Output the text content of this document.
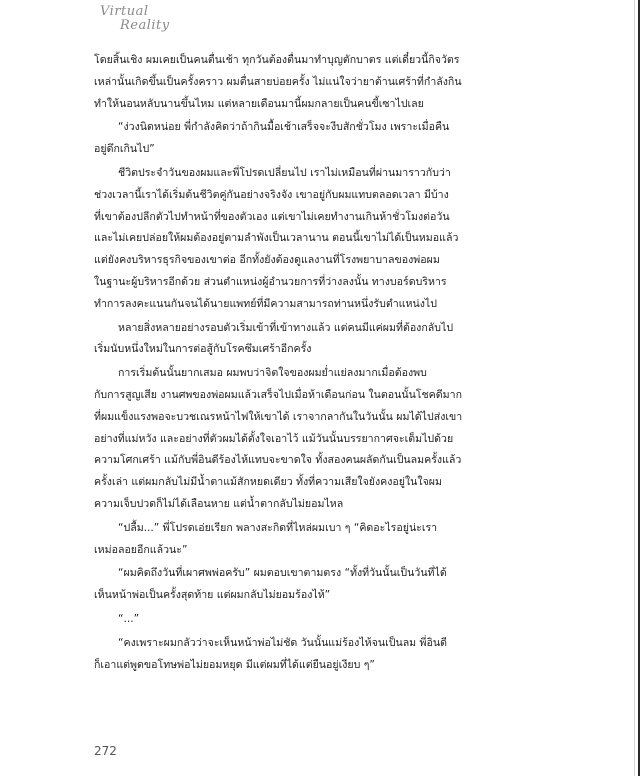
Virtual
Reality

โดยสิ้นเชิง ผมเคยเป็นคนตื่นเช้า ทุกวันต้องตื่นมาทำบุญตักบาตร แต่เดี๋ยวนี้กิจวัตร
เหล่านั้นเกิดขึ้นเป็นครั้งคราว ผมตื่นสายบ่อยครั้ง ไม่แน่ใจว่ายาต้านเศร้าที่กำลังกิน
ทำให้นอนหลับนานขึ้นไหม แต่หลายเดือนมานี้ผมกลายเป็นคนขี้เซาไปเลย

“ง่วงนิดหน่อย พี่กำลังคิดว่าถ้ากินมื้อเช้าเสร็จจะงีบสักชั่วโมง เพราะเมื่อคืน
อยู่ดึกเกินไป”

ชีวิตประจำวันของผมและพี่โปรดเปลี่ยนไป เราไม่เหมือนที่ผ่านมาราวกับว่า
ช่วงเวลานี้เราได้เริ่มต้นชีวิตคู่กันอย่างจริงจัง เขาอยู่กับผมแทบตลอดเวลา มีบ้าง
ที่เขาต้องปลีกตัวไปทำหน้าที่ของตัวเอง แต่เขาไม่เคยทำงานเกินห้าชั่วโมงต่อวัน
และไม่เคยปล่อยให้ผมต้องอยู่ตามลำพังเป็นเวลานาน ตอนนี้เขาไม่ได้เป็นหมอแล้ว
แต่ยังคงบริหารธุรกิจของเขาต่อ อีกทั้งยังต้องดูแลงานที่โรงพยาบาลของพ่อผม
ในฐานะผู้บริหารอีกด้วย ส่วนตำแหน่งผู้อำนวยการที่ว่างลงนั้น ทางบอร์ดบริหาร
ทำการลงคะแนนกันจนได้นายแพทย์ที่มีความสามารถท่านหนึ่งรับตำแหน่งไป

หลายสิ่งหลายอย่างรอบตัวเริ่มเข้าที่เข้าทางแล้ว แต่คนมีแค่ผมที่ต้องกลับไป
เริ่มนับหนึ่งใหม่ในการต่อสู้กับโรคซึมเศร้าอีกครั้ง

การเริ่มต้นนั้นยากเสมอ ผมพบว่าจิตใจของผมย่ำแย่ลงมากเมื่อต้องพบ
กับการสูญเสีย งานศพของพ่อผมแล้วเสร็จไปเมื่อห้าเดือนก่อน ในตอนนั้นโชคดีมาก
ที่ผมแข็งแรงพอจะบวชเณรหน้าไฟให้เขาได้ เราจากลากันในวันนั้น ผมได้ไปส่งเขา
อย่างที่แม่หวัง และอย่างที่ตัวผมได้ตั้งใจเอาไว้ แม้วันนั้นบรรยากาศจะเต็มไปด้วย
ความโศกเศร้า แม้กับพี่อินดีร้องไห้แทบจะขาดใจ ทั้งสองคนผลัดกันเป็นลมครั้งแล้ว
ครั้งเล่า แต่ผมกลับไม่มีน้ำตาแม้สักหยดเดียว ทั้งที่ความเสียใจยังคงอยู่ในใจผม
ความเจ็บปวดก็ไม่ได้เลือนหาย แต่น้ำตากลับไม่ยอมไหล

“ปลื้ม...” พี่โปรดเอ่ยเรียก พลางสะกิดที่ไหล่ผมเบา ๆ “คิดอะไรอยู่น่ะเรา
เหม่อลอยอีกแล้วนะ”

“ผมคิดถึงวันที่เผาศพพ่อครับ” ผมตอบเขาตามตรง “ทั้งที่วันนั้นเป็นวันที่ได้
เห็นหน้าพ่อเป็นครั้งสุดท้าย แต่ผมกลับไม่ยอมร้องไห้”

“...”

“คงเพราะผมกลัวว่าจะเห็นหน้าพ่อไม่ชัด วันนั้นแม่ร้องไห้จนเป็นลม พี่อินดี
ก็เอาแต่พูดขอโทษพ่อไม่ยอมหยุด มีแต่ผมที่ได้แต่ยืนอยู่เงียบ ๆ”

272
